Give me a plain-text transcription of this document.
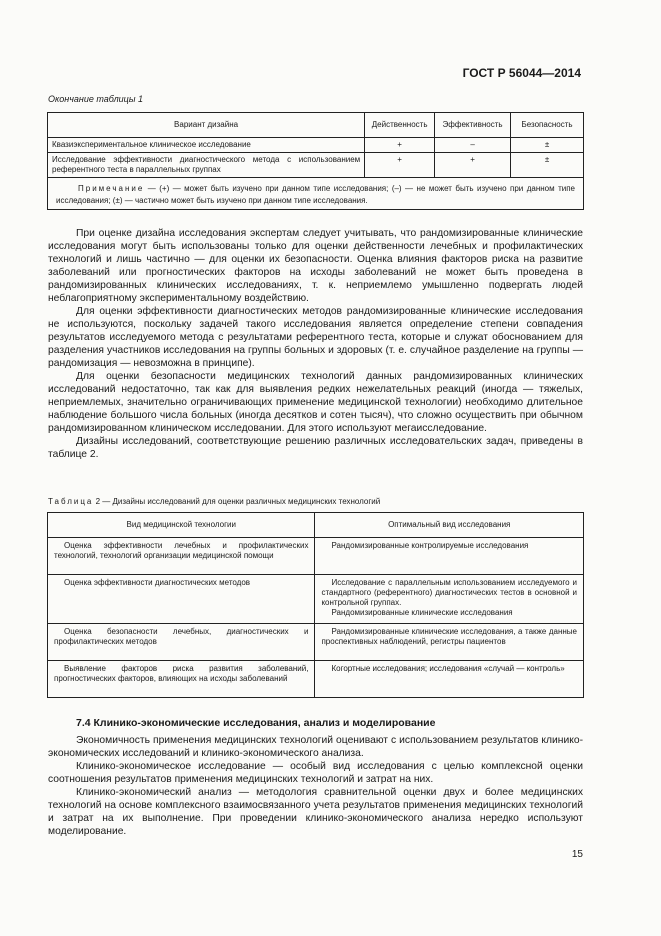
ГОСТ Р 56044—2014
Окончание таблицы 1
Вариант дизайна	Действенность	Эффективность	Безопасность
Квазиэкспериментальное клиническое исследование	+	–	±
Исследование эффективности диагностического метода с использованием референтного теста в параллельных группах	+	+	±
Примечание — (+) — может быть изучено при данном типе исследования; (–) — не может быть изучено при данном типе исследования; (±) — частично может быть изучено при данном типе исследования.			

При оценке дизайна исследования экспертам следует учитывать, что рандомизированные клинические исследования могут быть использованы только для оценки действенности лечебных и профилактических технологий и лишь частично — для оценки их безопасности. Оценка влияния факторов риска на развитие заболеваний или прогностических факторов на исходы заболеваний не может быть проведена в рандомизированных клинических исследованиях, т. к. неприемлемо умышленно подвергать людей неблагоприятному экспериментальному воздействию.

Для оценки эффективности диагностических методов рандомизированные клинические исследования не используются, поскольку задачей такого исследования является определение степени совпадения результатов исследуемого метода с результатами референтного теста, которые и служат обоснованием для разделения участников исследования на группы больных и здоровых (т. е. случайное разделение на группы — рандомизация — невозможна в принципе).

Для оценки безопасности медицинских технологий данных рандомизированных клинических исследований недостаточно, так как для выявления редких нежелательных реакций (иногда — тяжелых, неприемлемых, значительно ограничивающих применение медицинской технологии) необходимо длительное наблюдение большого числа больных (иногда десятков и сотен тысяч), что сложно осуществить при обычном рандомизированном клиническом исследовании. Для этого используют мегаисследование.

Дизайны исследований, соответствующие решению различных исследовательских задач, приведены в таблице 2.

Таблица 2 — Дизайны исследований для оценки различных медицинских технологий
Вид медицинской технологии	Оптимальный вид исследования

Оценка эффективности лечебных и профилактических технологий, технологий организации медицинской помощи	Рандомизированные контролируемые исследования

Оценка эффективности диагностических методов	Исследование с параллельным использованием исследуемого и стандартного (референтного) диагностических тестов в основной и контрольной группах.

Рандомизированные клинические исследования

Оценка безопасности лечебных, диагностических и профилактических методов	Рандомизированные клинические исследования, а также данные проспективных наблюдений, регистры пациентов

Выявление факторов риска развития заболеваний, прогностических факторов, влияющих на исходы заболеваний	Когортные исследования; исследования «случай — контроль»

7.4 Клинико-экономические исследования, анализ и моделирование

Экономичность применения медицинских технологий оценивают с использованием результатов клинико-экономических исследований и клинико-экономического анализа.

Клинико-экономическое исследование — особый вид исследования с целью комплексной оценки соотношения результатов применения медицинских технологий и затрат на них.

Клинико-экономический анализ — методология сравнительной оценки двух и более медицинских технологий на основе комплексного взаимосвязанного учета результатов применения медицинских технологий и затрат на их выполнение. При проведении клинико-экономического анализа нередко используют моделирование.

15
